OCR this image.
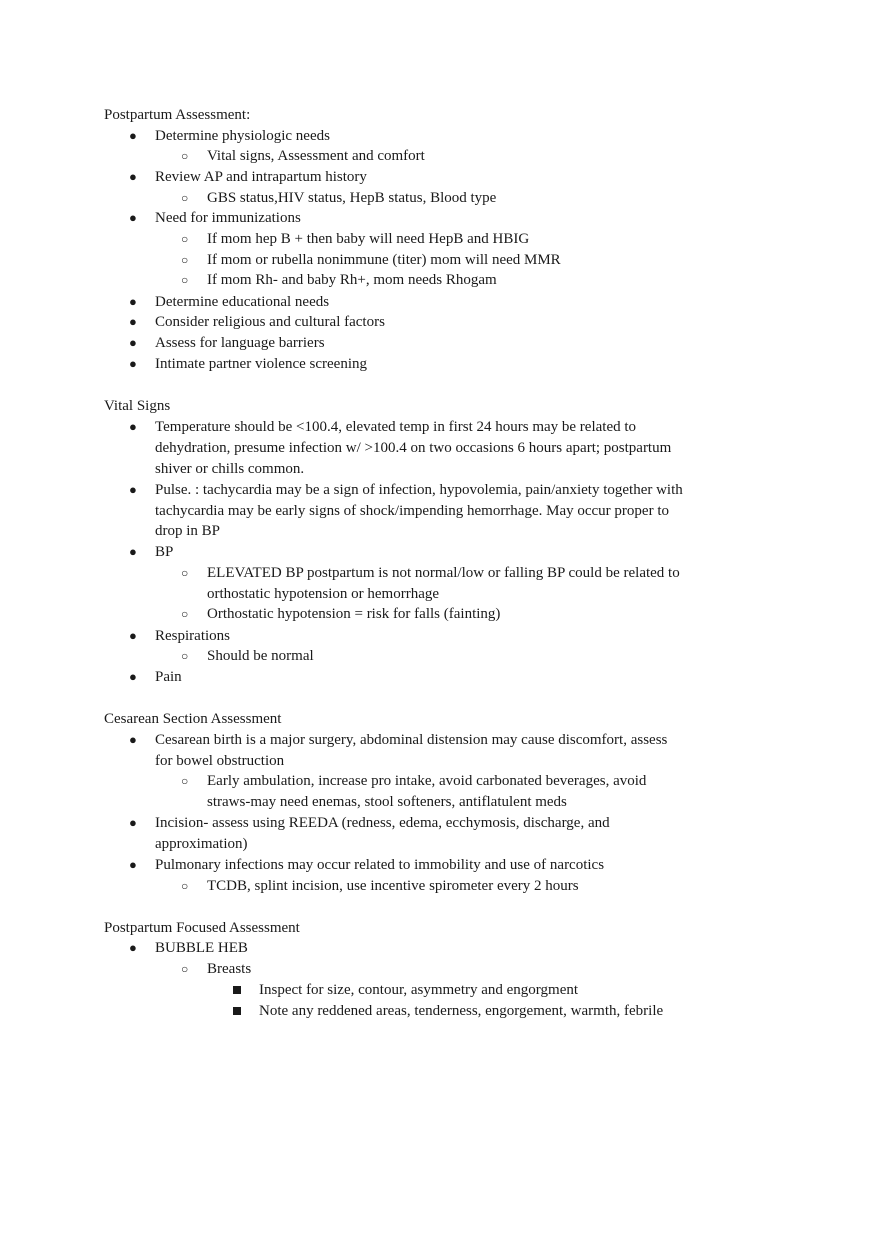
Postpartum Assessment:
● Determine physiologic needs
○ Vital signs, Assessment and comfort
● Review AP and intrapartum history
○ GBS status,HIV status, HepB status, Blood type
● Need for immunizations
○ If mom hep B + then baby will need HepB and HBIG
○ If mom or rubella nonimmune (titer) mom will need MMR
○ If mom Rh- and baby Rh+, mom needs Rhogam
● Determine educational needs
● Consider religious and cultural factors
● Assess for language barriers
● Intimate partner violence screening
Vital Signs
● Temperature should be <100.4, elevated temp in first 24 hours may be related to
dehydration, presume infection w/ >100.4 on two occasions 6 hours apart; postpartum
shiver or chills common.
● Pulse. : tachycardia may be a sign of infection, hypovolemia, pain/anxiety together with
tachycardia may be early signs of shock/impending hemorrhage. May occur proper to
drop in BP
● BP
○ ELEVATED BP postpartum is not normal/low or falling BP could be related to
orthostatic hypotension or hemorrhage
○ Orthostatic hypotension = risk for falls (fainting)
● Respirations
○ Should be normal
● Pain
Cesarean Section Assessment
● Cesarean birth is a major surgery, abdominal distension may cause discomfort, assess
for bowel obstruction
○ Early ambulation, increase pro intake, avoid carbonated beverages, avoid
straws-may need enemas, stool softeners, antiflatulent meds
● Incision- assess using REEDA (redness, edema, ecchymosis, discharge, and
approximation)
● Pulmonary infections may occur related to immobility and use of narcotics
○ TCDB, splint incision, use incentive spirometer every 2 hours
Postpartum Focused Assessment
● BUBBLE HEB
○ Breasts
Inspect for size, contour, asymmetry and engorgment
Note any reddened areas, tenderness, engorgement, warmth, febrile
